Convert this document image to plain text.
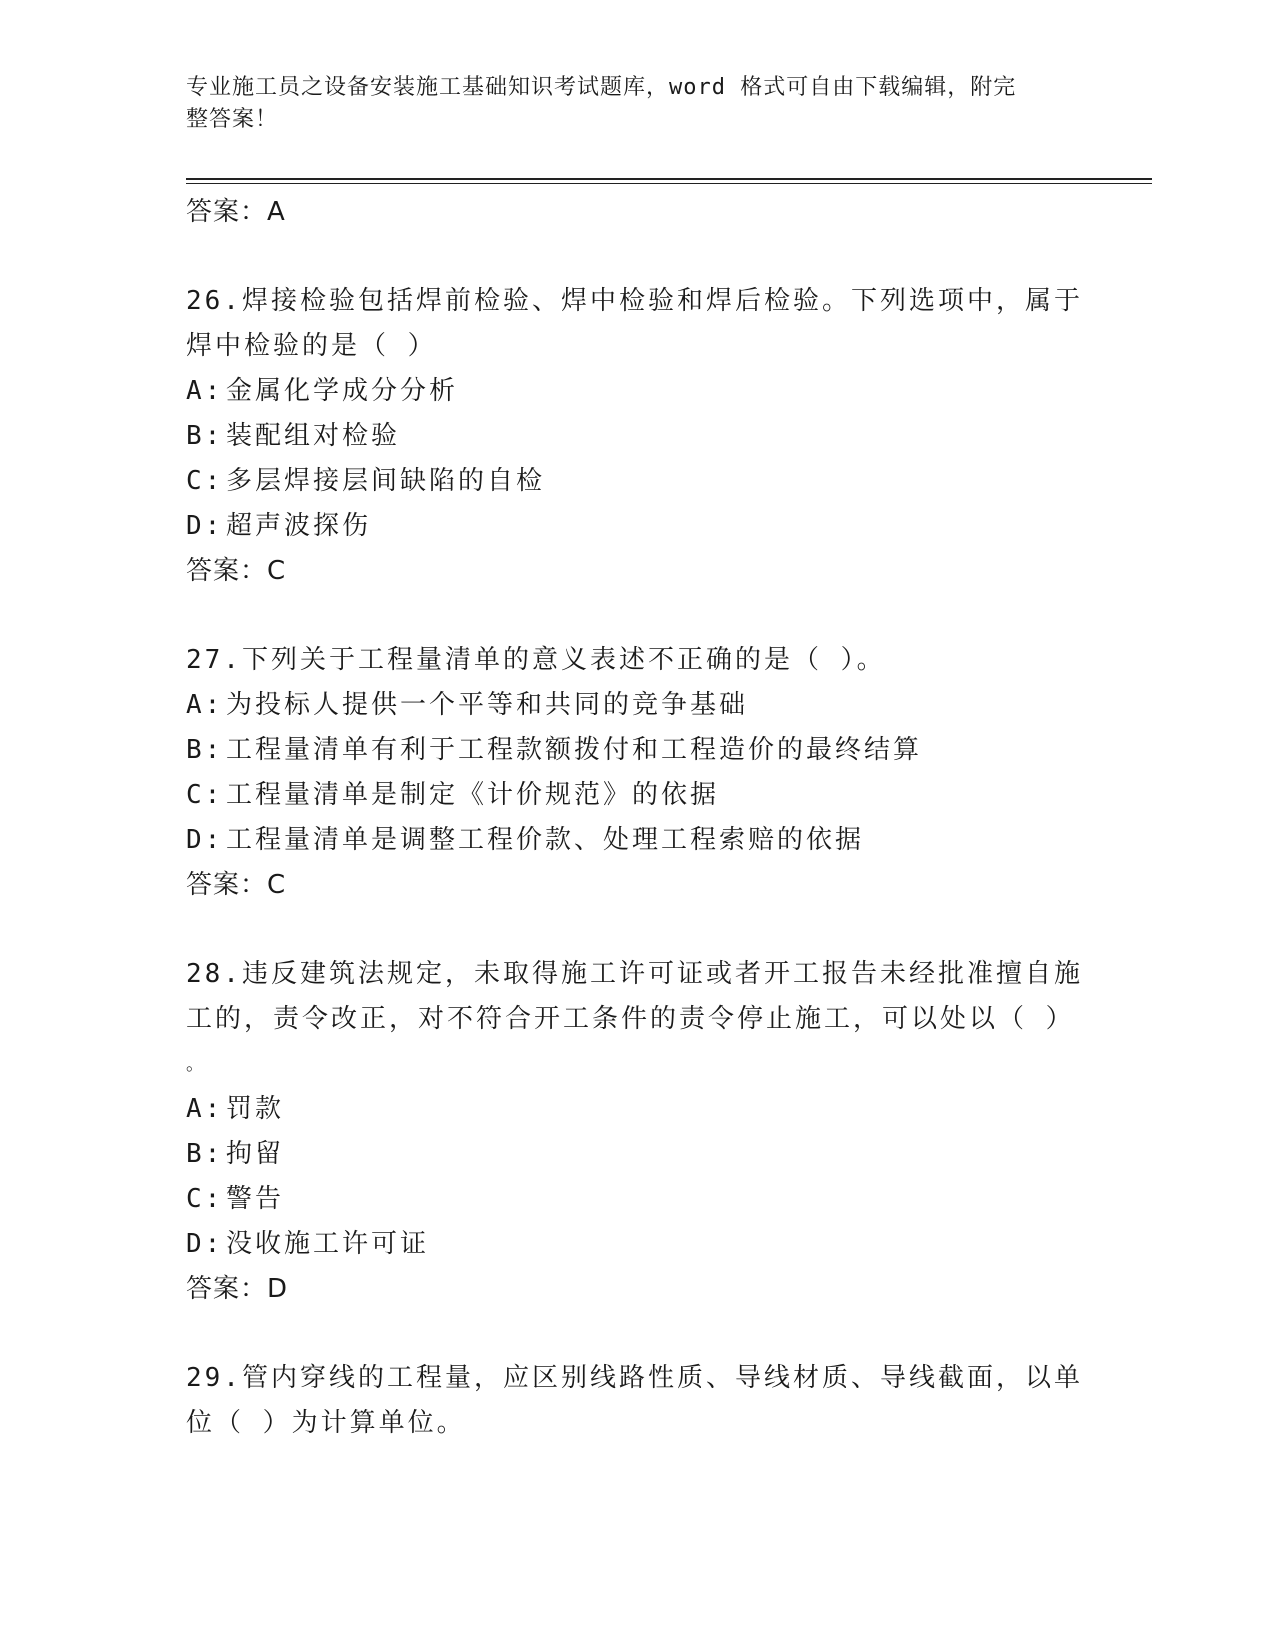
专业施工员之设备安装施工基础知识考试题库，word 格式可自由下载编辑，附完
整答案！
答案：A
26.焊接检验包括焊前检验、焊中检验和焊后检验。下列选项中，属于
焊中检验的是（ ）
A: 金属化学成分分析
B: 装配组对检验
C: 多层焊接层间缺陷的自检
D: 超声波探伤
答案：C
27.下列关于工程量清单的意义表述不正确的是（ ）。
A: 为投标人提供一个平等和共同的竞争基础
B: 工程量清单有利于工程款额拨付和工程造价的最终结算
C: 工程量清单是制定《计价规范》的依据
D: 工程量清单是调整工程价款、处理工程索赔的依据
答案：C
28.违反建筑法规定，未取得施工许可证或者开工报告未经批准擅自施
工的，责令改正，对不符合开工条件的责令停止施工，可以处以（ ）
。
A: 罚款
B: 拘留
C: 警告
D: 没收施工许可证
答案：D
29.管内穿线的工程量，应区别线路性质、导线材质、导线截面，以单
位（ ）为计算单位。
